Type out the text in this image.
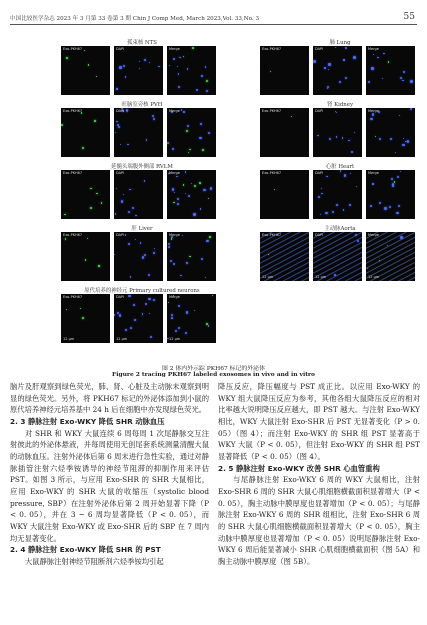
中国比较医学杂志 2023 年 3 月第 33 卷第 3 期 Chin J Comp Med, March 2023,Vol. 33,No. 3	55
孤束核 NTS
Exo-PKH67	DAPI	Merge
旺脑室旁核 PVH
Exo-PKH67	DAPI	Merge
延髓头端腹外侧部 RVLM
Exo-PKH67	DAPI	Merge
肝 Liver
Exo-PKH67	DAPI	Merge
原代培养的神经元 Primary cultured neurons
Exo-PKH67
12 µm
DAPI
12 µm
Merge
12 µm
肺 Lung
Exo-PKH67	DAPI	Merge
肾 Kidney
Exo-PKH67	DAPI	Merge
心脏 Heart
Exo-PKH67	DAPI	Merge
主动脉Aorta
Exo-PKH67
12 µm
DAPI
12 µm
Merge
12 µm
图 2 体内外示踪 PKH67 标记的外泌体
Figure 2 tracing PKH67 labeled exosomes in vivo and in vitro

脑片及肝观察到绿色荧光，肺、肾、心脏及主动脉未观察到明显的绿色荧光。另外，将 PKH67 标记的外泌体添加到小鼠的原代培养神经元培养基中 24 h 后在细胞中亦发现绿色荧光。

2. 3 静脉注射 Exo-WKY 降低 SHR 动脉血压

对 SHR 和 WKY 大鼠连续 6 周每周 1 次尾静脉交互注射彼此的外泌体悬液，并每周使用无创尾套系统测量清醒大鼠的动脉血压。注射外泌体后第 6 周末进行急性实验，通过对静脉插管注射六烃季铵诱导的神经节阻滞的抑制作用来评估 PST。如图 3 所示，与应用 Exo-SHR 的 SHR 大鼠相比，应用 Exo-WKY 的 SHR 大鼠的收缩压（systolic blood pressure, SBP）在注射外泌体后第 2 周开始显著下降（P < 0. 05），并在 3 ~ 6 周均显著降低（P < 0. 05），而 WKY 大鼠注射 Exo-WKY 或 Exo-SHR 后的 SBP 在 7 周内均无显著变化。

2. 4 静脉注射 Exo-WKY 降低 SHR 的 PST

大鼠静脉注射神经节阻断剂六烃季铵均引起

降压反应，降压幅度与 PST 成正比。以应用 Exo-WKY 的 WKY 组大鼠降压反应为参考，其他各组大鼠降压反应的相对比率越大说明降压反应越大，即 PST 越大。与注射 Exo-WKY 相比，WKY 大鼠注射 Exo-SHR 后 PST 无显著变化（P > 0. 05）（图 4）；而注射 Exo-WKY 的 SHR 组 PST 显著高于 WKY 大鼠（P < 0. 05），但注射 Exo-WKY 的 SHR 组 PST 显著降低（P < 0. 05）（图 4）。

2. 5 静脉注射 Exo-WKY 改善 SHR 心血管重构

与尾静脉注射 Exo-WKY 6 周的 WKY 大鼠相比，注射 Exo-SHR 6 周的 SHR 大鼠心肌细胞横截面积显著增大（P < 0. 05），胸主动脉中膜厚度也显著增加（P < 0. 05）；与尾静脉注射 Exo-WKY 6 周的 SHR 组相比，注射 Exo-SHR 6 周的 SHR 大鼠心肌细胞横截面积显著增大（P < 0. 05），胸主动脉中膜厚度也显著增加（P < 0. 05）说明尾静脉注射 Exo-WKY 6 周后能显著减小 SHR 心肌细胞横截面积（图 5A）和胸主动脉中膜厚度（图 5B）。
